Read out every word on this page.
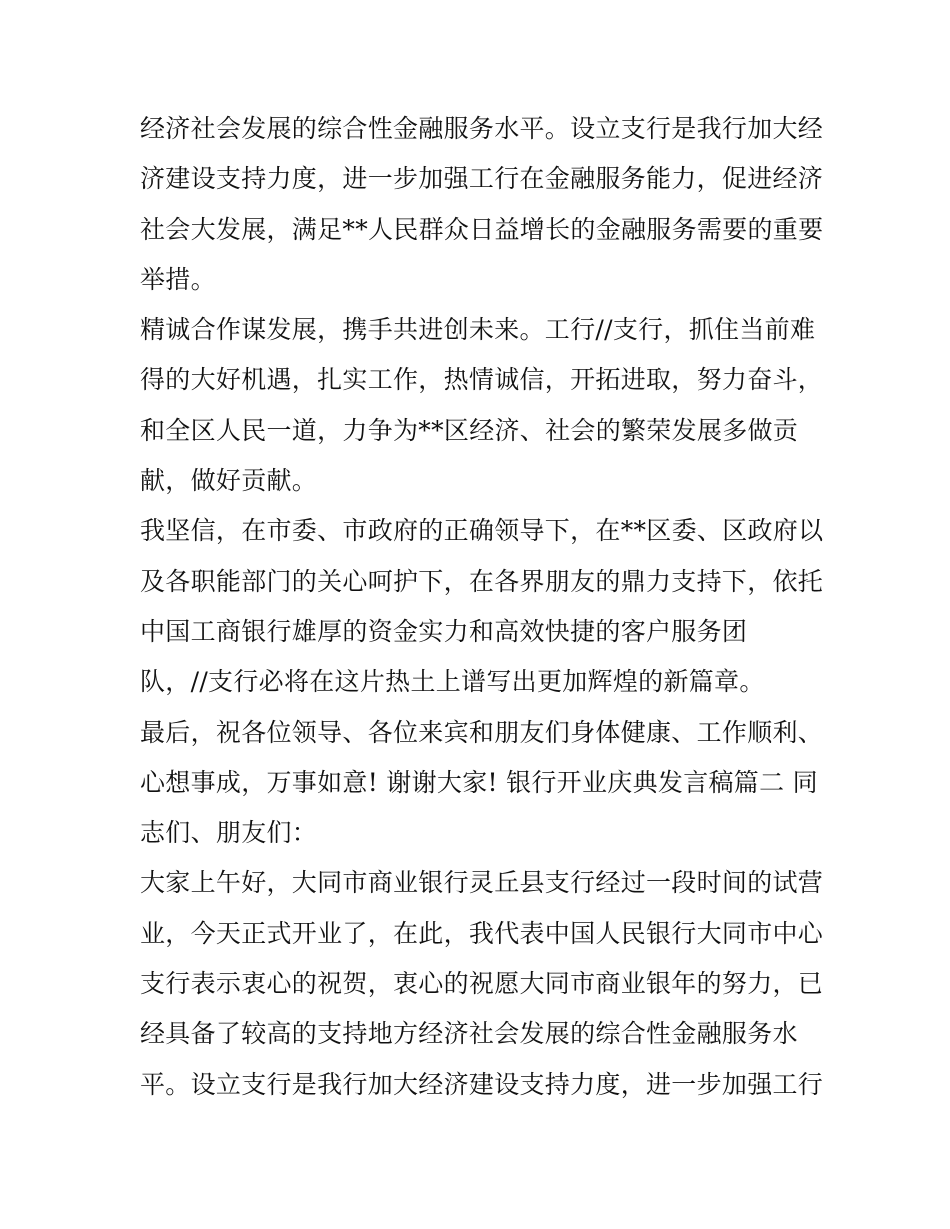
经济社会发展的综合性金融服务水平。设立支行是我行加大经
济建设支持力度，进一步加强工行在金融服务能力，促进经济
社会大发展，满足**人民群众日益增长的金融服务需要的重要
举措。
精诚合作谋发展，携手共进创未来。工行//支行，抓住当前难
得的大好机遇，扎实工作，热情诚信，开拓进取，努力奋斗，
和全区人民一道，力争为**区经济、社会的繁荣发展多做贡
献，做好贡献。
我坚信，在市委、市政府的正确领导下，在**区委、区政府以
及各职能部门的关心呵护下，在各界朋友的鼎力支持下，依托
中国工商银行雄厚的资金实力和高效快捷的客户服务团
队，//支行必将在这片热土上谱写出更加辉煌的新篇章。
最后，祝各位领导、各位来宾和朋友们身体健康、工作顺利、
心想事成，万事如意! 谢谢大家! 银行开业庆典发言稿篇二 同
志们、朋友们：
大家上午好，大同市商业银行灵丘县支行经过一段时间的试营
业，今天正式开业了，在此，我代表中国人民银行大同市中心
支行表示衷心的祝贺，衷心的祝愿大同市商业银年的努力，已
经具备了较高的支持地方经济社会发展的综合性金融服务水
平。设立支行是我行加大经济建设支持力度，进一步加强工行
